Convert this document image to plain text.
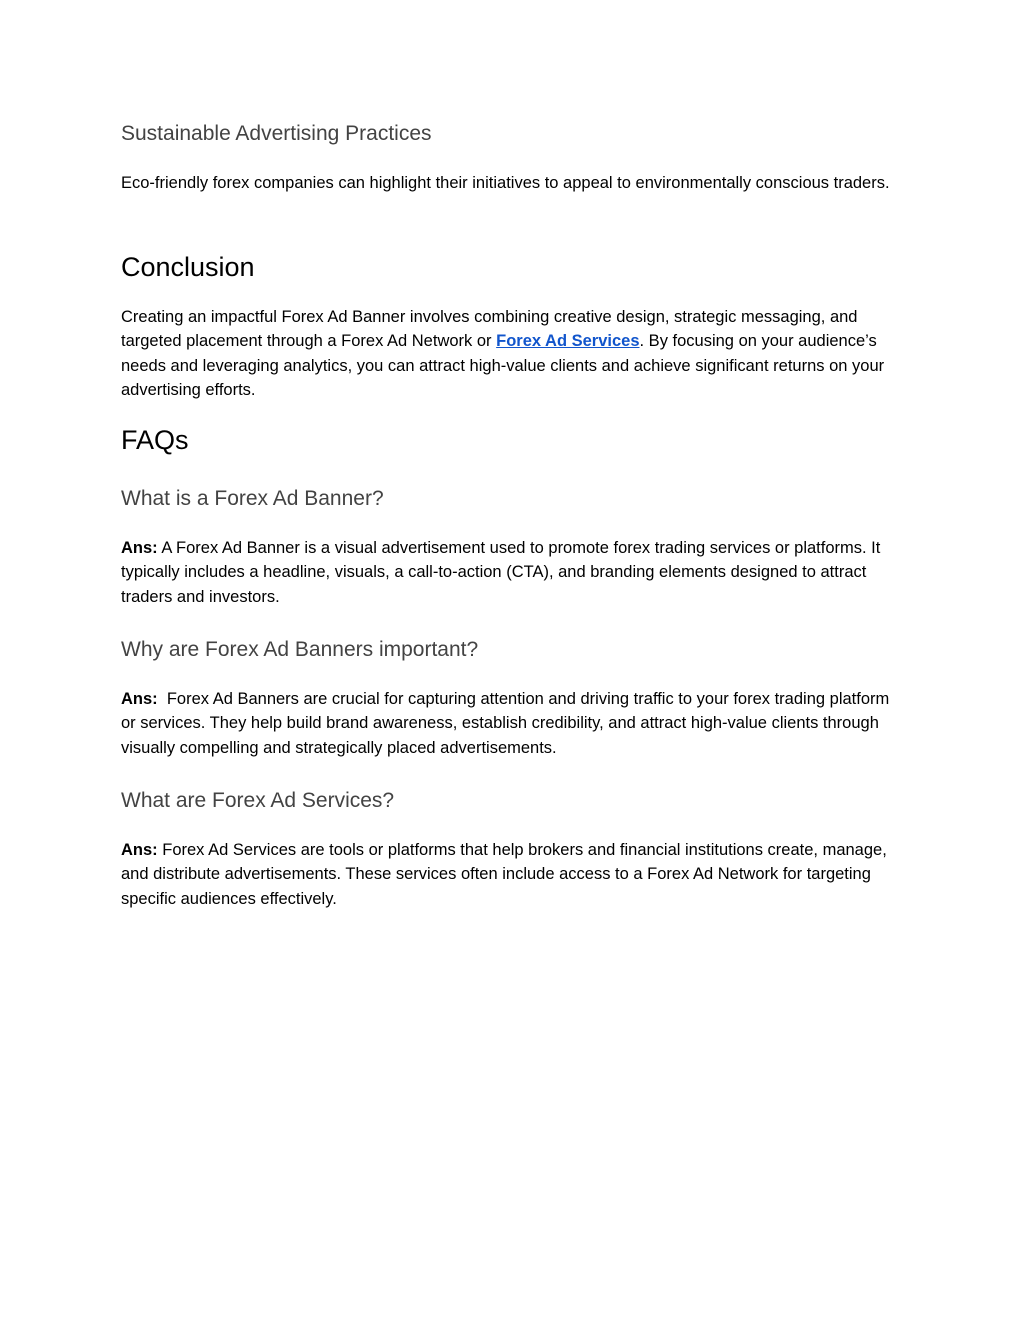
Sustainable Advertising Practices

Eco-friendly forex companies can highlight their initiatives to appeal to environmentally conscious traders.

Conclusion

Creating an impactful Forex Ad Banner involves combining creative design, strategic messaging, and targeted placement through a Forex Ad Network or Forex Ad Services. By focusing on your audience’s needs and leveraging analytics, you can attract high-value clients and achieve significant returns on your advertising efforts.

FAQs
What is a Forex Ad Banner?

Ans: A Forex Ad Banner is a visual advertisement used to promote forex trading services or platforms. It typically includes a headline, visuals, a call-to-action (CTA), and branding elements designed to attract traders and investors.

Why are Forex Ad Banners important?

Ans:  Forex Ad Banners are crucial for capturing attention and driving traffic to your forex trading platform or services. They help build brand awareness, establish credibility, and attract high-value clients through visually compelling and strategically placed advertisements.

What are Forex Ad Services?

Ans: Forex Ad Services are tools or platforms that help brokers and financial institutions create, manage, and distribute advertisements. These services often include access to a Forex Ad Network for targeting specific audiences effectively.
